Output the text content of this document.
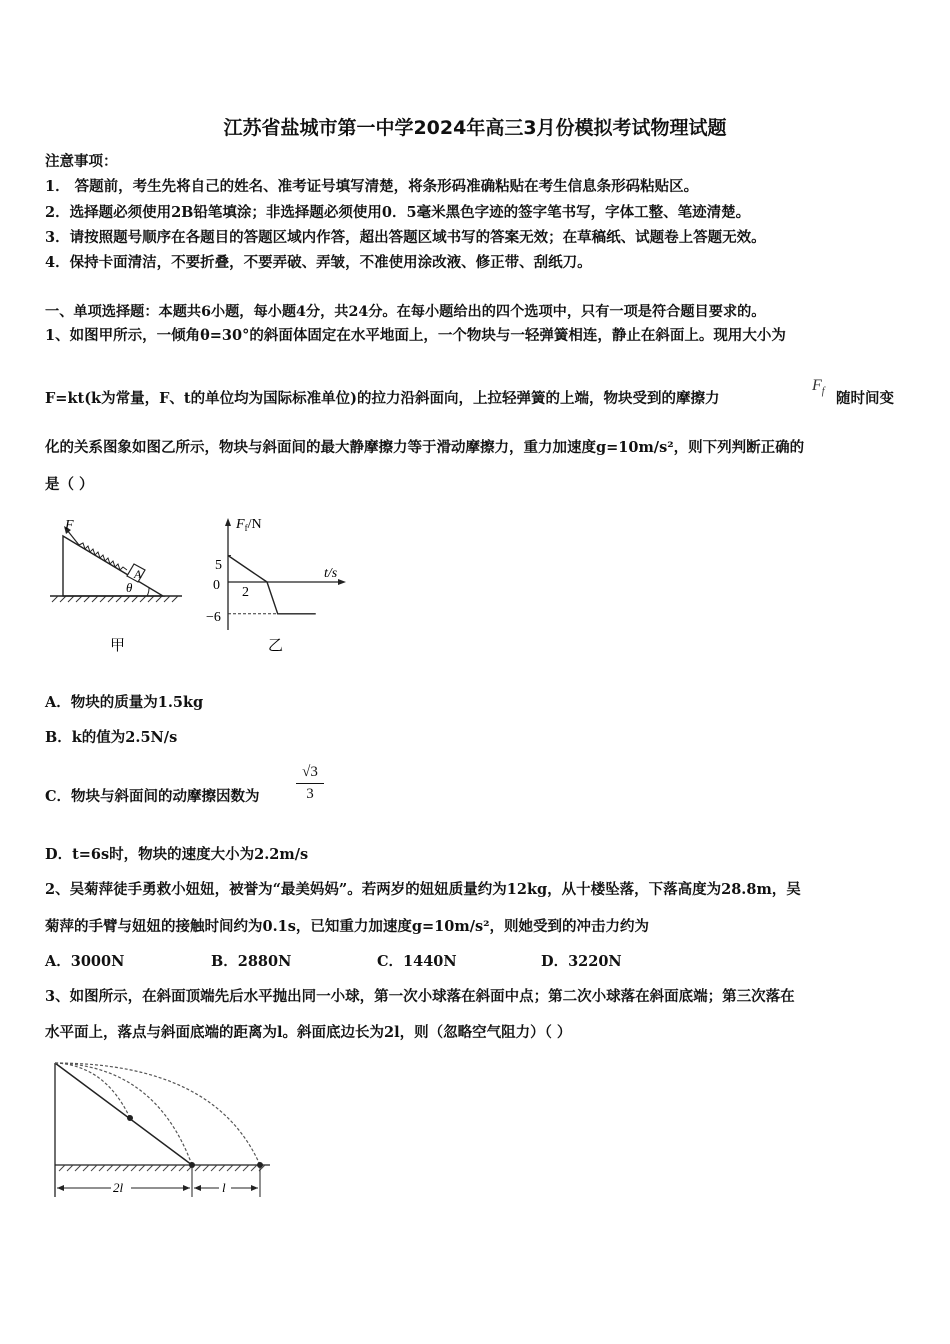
江苏省盐城市第一中学2024年高三3月份模拟考试物理试题
注意事项：
1． 答题前，考生先将自己的姓名、准考证号填写清楚，将条形码准确粘贴在考生信息条形码粘贴区。
2．选择题必须使用2B铅笔填涂；非选择题必须使用0．5毫米黑色字迹的签字笔书写，字体工整、笔迹清楚。
3．请按照题号顺序在各题目的答题区域内作答，超出答题区域书写的答案无效；在草稿纸、试题卷上答题无效。
4．保持卡面清洁，不要折叠，不要弄破、弄皱，不准使用涂改液、修正带、刮纸刀。
一、单项选择题：本题共6小题，每小题4分，共24分。在每小题给出的四个选项中，只有一项是符合题目要求的。
1、如图甲所示，一倾角θ=30°的斜面体固定在水平地面上，一个物块与一轻弹簧相连，静止在斜面上。现用大小为
F=kt(k为常量，F、t的单位均为国际标准单位)的拉力沿斜面向，上拉轻弹簧的上端，物块受到的摩擦力
$F_f$ 随时间变
化的关系图象如图乙所示，物块与斜面间的最大静摩擦力等于滑动摩擦力，重力加速度g=10m/s²，则下列判断正确的
是（ ）
F
A
θ
甲
$F_f/N$
t/s
5
0
−6
2
乙
A．物块的质量为1.5kg
B．k的值为2.5N/s
C．物块与斜面间的动摩擦因数为 $\frac{√3}{3}$
D．t=6s时，物块的速度大小为2.2m/s
2、吴菊萍徒手勇救小妞妞，被誉为“最美妈妈”。若两岁的妞妞质量约为12kg，从十楼坠落，下落高度为28.8m，吴
菊萍的手臂与妞妞的接触时间约为0.1s，已知重力加速度g=10m/s²，则她受到的冲击力约为
A．3000N	B．2880N	C．1440N	D．3220N
3、如图所示，在斜面顶端先后水平抛出同一小球，第一次小球落在斜面中点；第二次小球落在斜面底端；第三次落在
水平面上，落点与斜面底端的距离为l。斜面底边长为2l，则（忽略空气阻力）（ ）
2l	l
